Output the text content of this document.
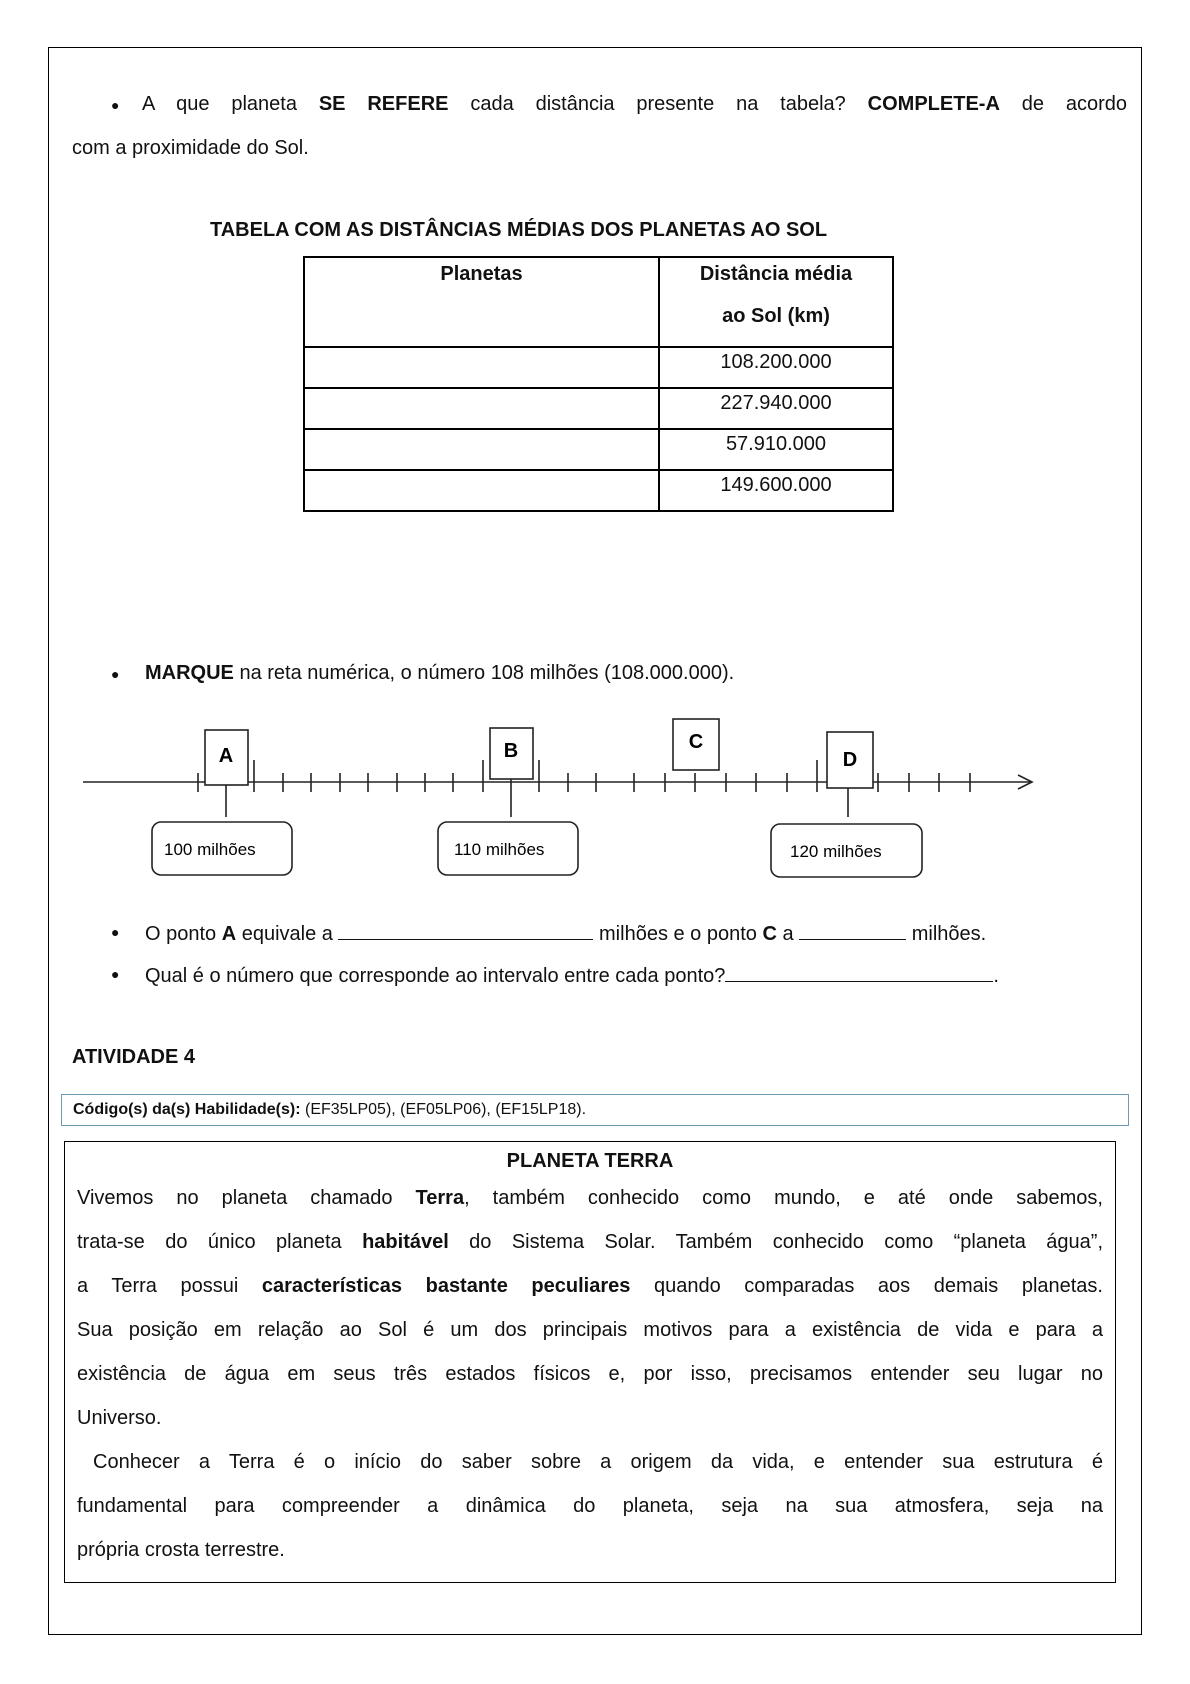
● A que planeta SE REFERE cada distância presente na tabela? COMPLETE-A de acordo
com a proximidade do Sol.
TABELA COM AS DISTÂNCIAS MÉDIAS DOS PLANETAS AO SOL
Planetas	Distância média
ao Sol (km)

	108.200.000
	227.940.000
	57.910.000
	149.600.000
● MARQUE na reta numérica, o número 108 milhões (108.000.000).
A	B	C
D
100 milhões	110 milhões	120 milhões
● O ponto A equivale a	milhões e o ponto C a	milhões.
● Qual é o número que corresponde ao intervalo entre cada ponto?	.
ATIVIDADE 4
Código(s) da(s) Habilidade(s): (EF35LP05), (EF05LP06), (EF15LP18).
PLANETA TERRA

Vivemos no planeta chamado Terra, também conhecido como mundo, e até onde sabemos,

trata-se do único planeta habitável do Sistema Solar. Também conhecido como “planeta água”,

a Terra possui características bastante peculiares quando comparadas aos demais planetas.

Sua posição em relação ao Sol é um dos principais motivos para a existência de vida e para a

existência de água em seus três estados físicos e, por isso, precisamos entender seu lugar no

Universo.

Conhecer a Terra é o início do saber sobre a origem da vida, e entender sua estrutura é

fundamental para compreender a dinâmica do planeta, seja na sua atmosfera, seja na

própria crosta terrestre.
